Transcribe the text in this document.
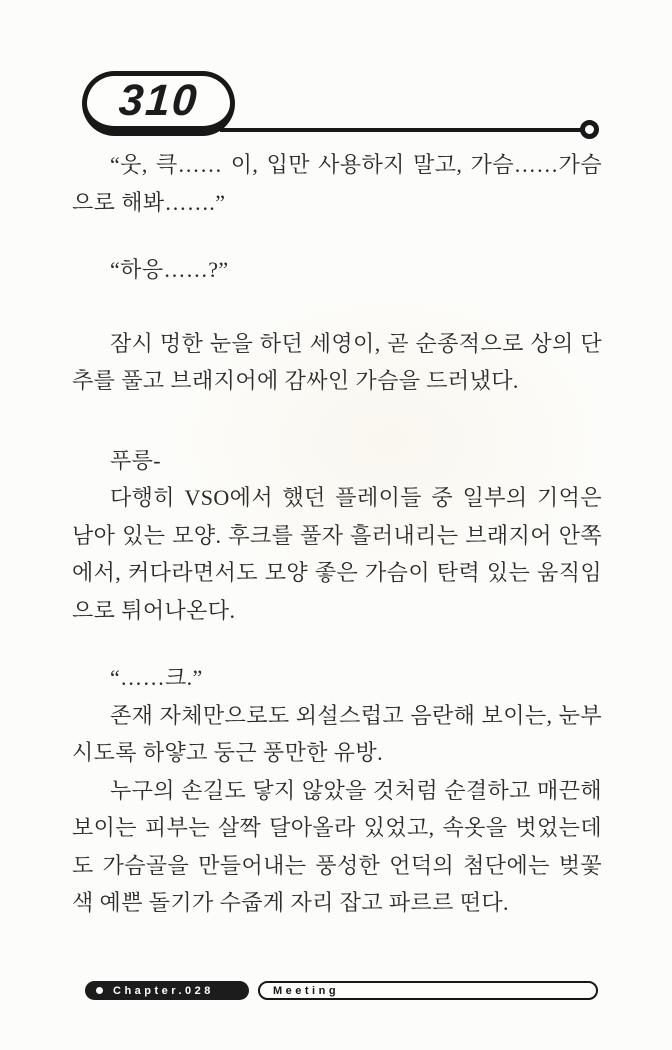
310

“웃, 큭…… 이, 입만 사용하지 말고, 가슴……가슴으로 해봐…….”

“하응……?”

잠시 멍한 눈을 하던 세영이, 곧 순종적으로 상의 단추를 풀고 브래지어에 감싸인 가슴을 드러냈다.

푸릉-

다행히 VSO에서 했던 플레이들 중 일부의 기억은 남아 있는 모양. 후크를 풀자 흘러내리는 브래지어 안쪽에서, 커다라면서도 모양 좋은 가슴이 탄력 있는 움직임으로 튀어나온다.

“……크.”

존재 자체만으로도 외설스럽고 음란해 보이는, 눈부시도록 하얗고 둥근 풍만한 유방.

누구의 손길도 닿지 않았을 것처럼 순결하고 매끈해 보이는 피부는 살짝 달아올라 있었고, 속옷을 벗었는데도 가슴골을 만들어내는 풍성한 언덕의 첨단에는 벚꽃색 예쁜 돌기가 수줍게 자리 잡고 파르르 떤다.

Chapter.028	Meeting
